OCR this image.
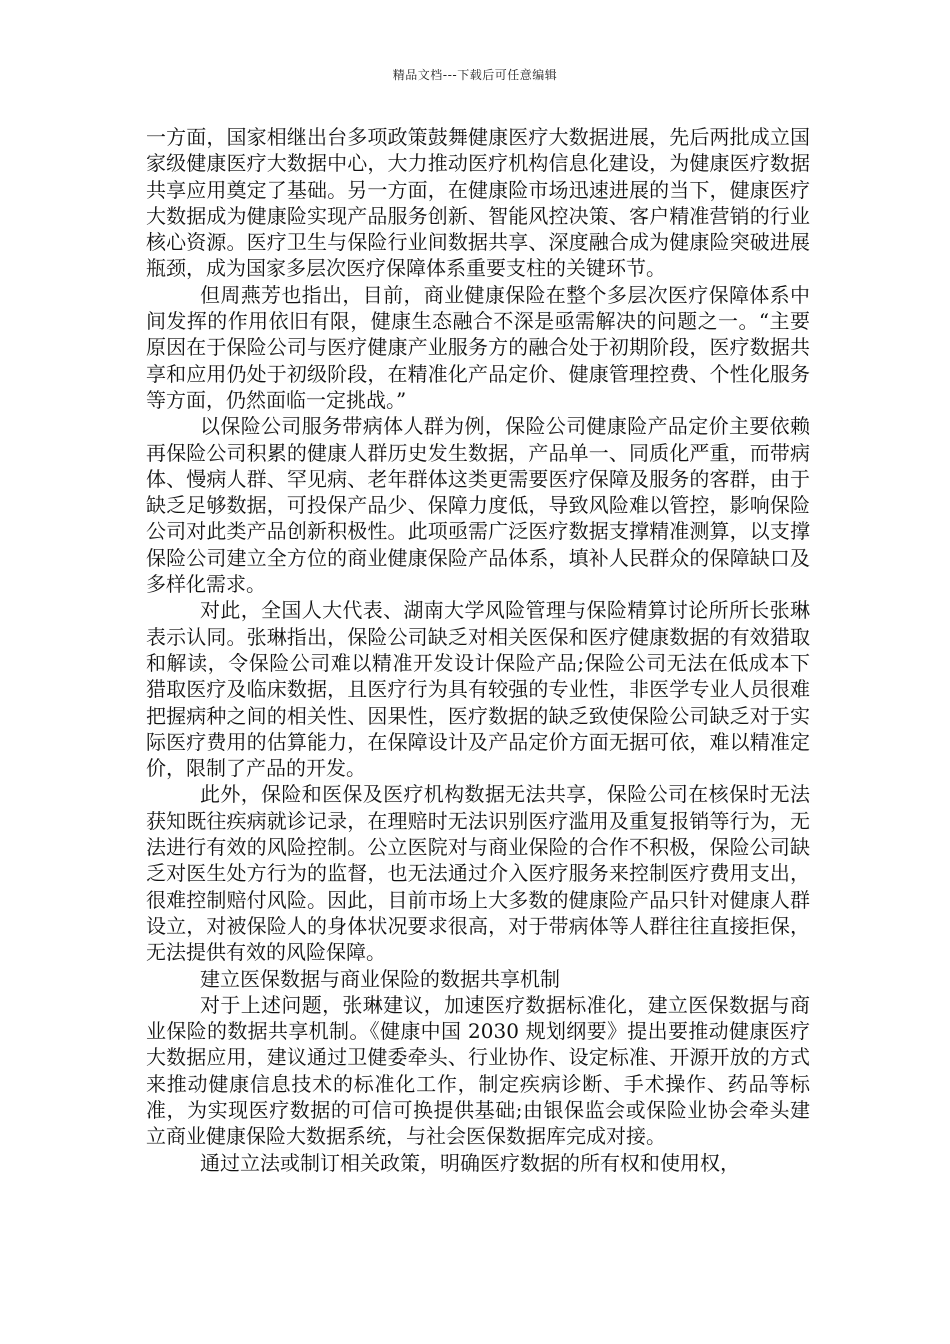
精品文档---下载后可任意编辑

一方面，国家相继出台多项政策鼓舞健康医疗大数据进展，先后两批成立国家级健康医疗大数据中心，大力推动医疗机构信息化建设，为健康医疗数据共享应用奠定了基础。另一方面，在健康险市场迅速进展的当下，健康医疗大数据成为健康险实现产品服务创新、智能风控决策、客户精准营销的行业核心资源。医疗卫生与保险行业间数据共享、深度融合成为健康险突破进展瓶颈，成为国家多层次医疗保障体系重要支柱的关键环节。

但周燕芳也指出，目前，商业健康保险在整个多层次医疗保障体系中间发挥的作用依旧有限，健康生态融合不深是亟需解决的问题之一。“主要原因在于保险公司与医疗健康产业服务方的融合处于初期阶段，医疗数据共享和应用仍处于初级阶段，在精准化产品定价、健康管理控费、个性化服务等方面，仍然面临一定挑战。”

以保险公司服务带病体人群为例，保险公司健康险产品定价主要依赖再保险公司积累的健康人群历史发生数据，产品单一、同质化严重，而带病体、慢病人群、罕见病、老年群体这类更需要医疗保障及服务的客群，由于缺乏足够数据，可投保产品少、保障力度低，导致风险难以管控，影响保险公司对此类产品创新积极性。此项亟需广泛医疗数据支撑精准测算，以支撑保险公司建立全方位的商业健康保险产品体系，填补人民群众的保障缺口及多样化需求。

对此，全国人大代表、湖南大学风险管理与保险精算讨论所所长张琳表示认同。张琳指出，保险公司缺乏对相关医保和医疗健康数据的有效猎取和解读，令保险公司难以精准开发设计保险产品;保险公司无法在低成本下猎取医疗及临床数据，且医疗行为具有较强的专业性，非医学专业人员很难把握病种之间的相关性、因果性，医疗数据的缺乏致使保险公司缺乏对于实际医疗费用的估算能力，在保障设计及产品定价方面无据可依，难以精准定价，限制了产品的开发。

此外，保险和医保及医疗机构数据无法共享，保险公司在核保时无法获知既往疾病就诊记录，在理赔时无法识别医疗滥用及重复报销等行为，无法进行有效的风险控制。公立医院对与商业保险的合作不积极，保险公司缺乏对医生处方行为的监督，也无法通过介入医疗服务来控制医疗费用支出，很难控制赔付风险。因此，目前市场上大多数的健康险产品只针对健康人群设立，对被保险人的身体状况要求很高，对于带病体等人群往往直接拒保，无法提供有效的风险保障。

建立医保数据与商业保险的数据共享机制

对于上述问题，张琳建议，加速医疗数据标准化，建立医保数据与商业保险的数据共享机制。《健康中国 2030 规划纲要》提出要推动健康医疗大数据应用，建议通过卫健委牵头、行业协作、设定标准、开源开放的方式来推动健康信息技术的标准化工作，制定疾病诊断、手术操作、药品等标准，为实现医疗数据的可信可换提供基础;由银保监会或保险业协会牵头建立商业健康保险大数据系统，与社会医保数据库完成对接。

通过立法或制订相关政策，明确医疗数据的所有权和使用权，
